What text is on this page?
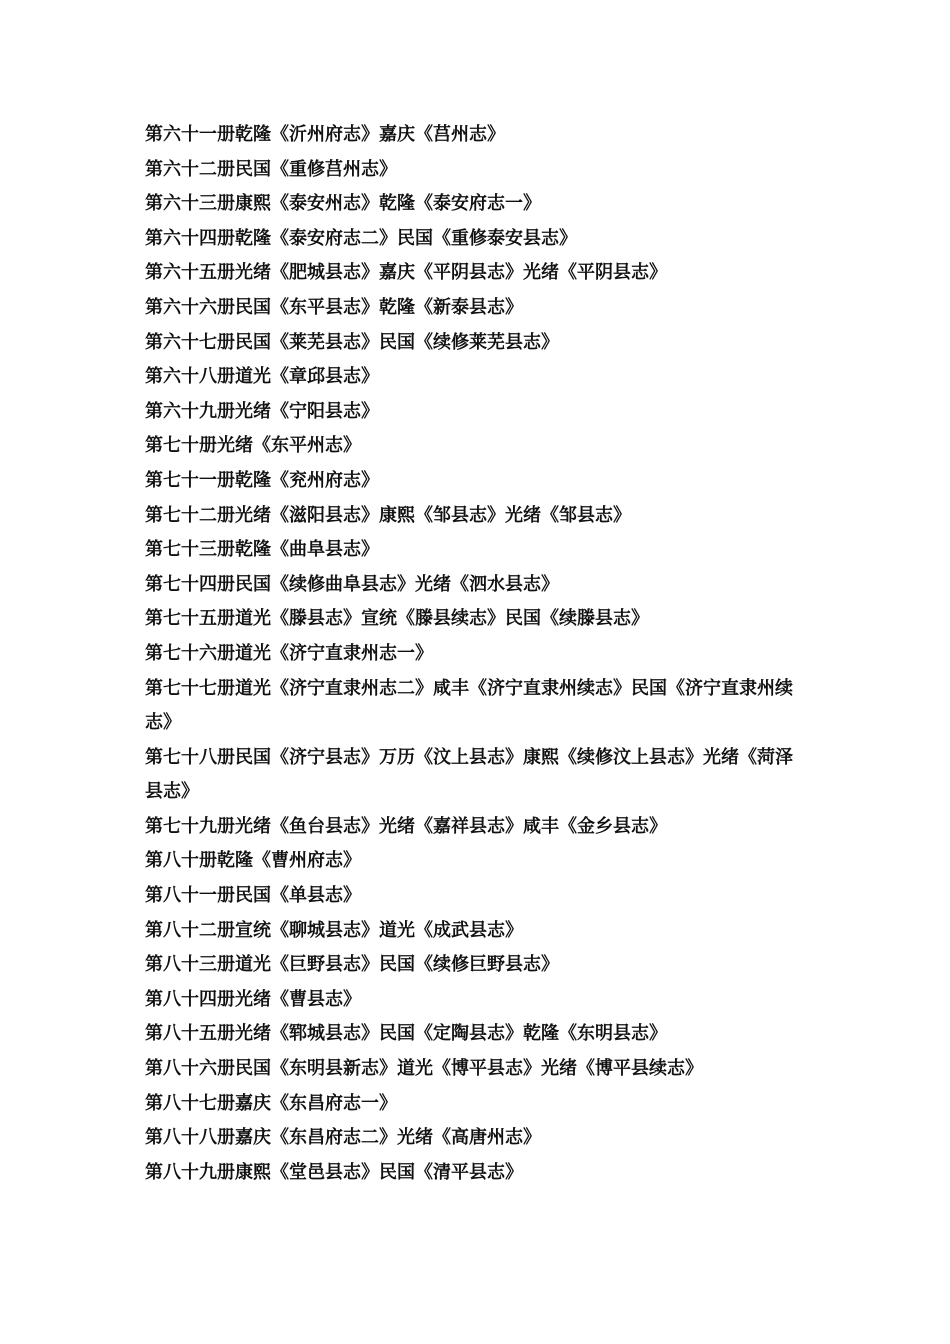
第六十一册乾隆《沂州府志》嘉庆《莒州志》
第六十二册民国《重修莒州志》
第六十三册康熙《泰安州志》乾隆《泰安府志一》
第六十四册乾隆《泰安府志二》民国《重修泰安县志》
第六十五册光绪《肥城县志》嘉庆《平阴县志》光绪《平阴县志》
第六十六册民国《东平县志》乾隆《新泰县志》
第六十七册民国《莱芜县志》民国《续修莱芜县志》
第六十八册道光《章邱县志》
第六十九册光绪《宁阳县志》
第七十册光绪《东平州志》
第七十一册乾隆《兖州府志》
第七十二册光绪《滋阳县志》康熙《邹县志》光绪《邹县志》
第七十三册乾隆《曲阜县志》
第七十四册民国《续修曲阜县志》光绪《泗水县志》
第七十五册道光《滕县志》宣统《滕县续志》民国《续滕县志》
第七十六册道光《济宁直隶州志一》
第七十七册道光《济宁直隶州志二》咸丰《济宁直隶州续志》民国《济宁直隶州续志》
第七十八册民国《济宁县志》万历《汶上县志》康熙《续修汶上县志》光绪《菏泽县志》
第七十九册光绪《鱼台县志》光绪《嘉祥县志》咸丰《金乡县志》
第八十册乾隆《曹州府志》
第八十一册民国《单县志》
第八十二册宣统《聊城县志》道光《成武县志》
第八十三册道光《巨野县志》民国《续修巨野县志》
第八十四册光绪《曹县志》
第八十五册光绪《郓城县志》民国《定陶县志》乾隆《东明县志》
第八十六册民国《东明县新志》道光《博平县志》光绪《博平县续志》
第八十七册嘉庆《东昌府志一》
第八十八册嘉庆《东昌府志二》光绪《高唐州志》
第八十九册康熙《堂邑县志》民国《清平县志》
